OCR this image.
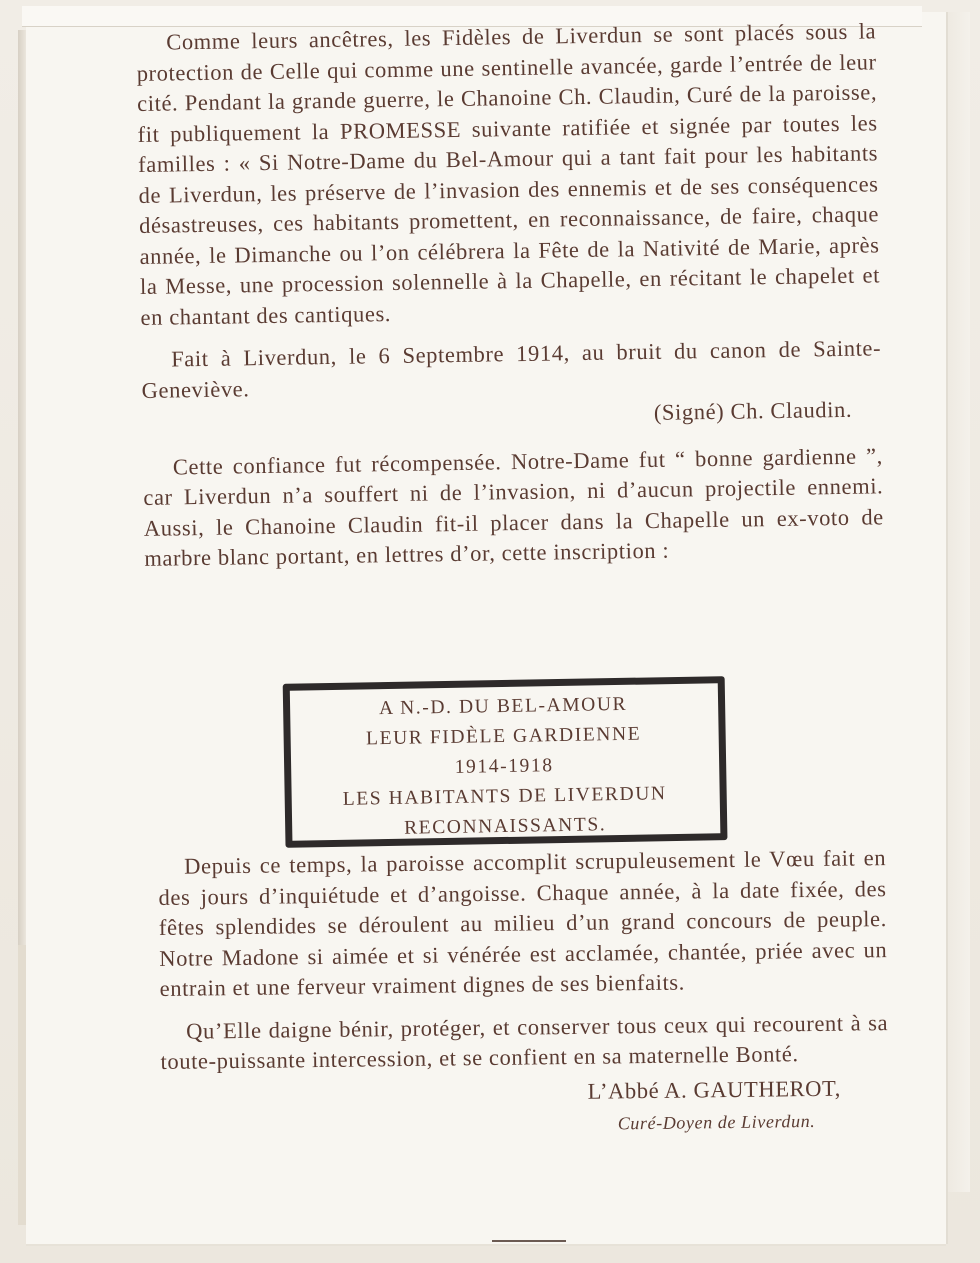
Comme leurs ancêtres, les Fidèles de Liverdun se sont placés sous la protection de Celle qui comme une sentinelle avancée, garde l’entrée de leur cité. Pendant la grande guerre, le Chanoine Ch. Claudin, Curé de la paroisse, fit publiquement la PROMESSE suivante ratifiée et signée par toutes les familles : « Si Notre-Dame du Bel-Amour qui a tant fait pour les habitants de Liverdun, les préserve de l’invasion des ennemis et de ses conséquences désastreuses, ces habitants promettent, en reconnaissance, de faire, chaque année, le Dimanche ou l’on célébrera la Fête de la Nativité de Marie, après la Messe, une procession solennelle à la Chapelle, en récitant le chapelet et en chantant des cantiques.

Fait à Liverdun, le 6 Septembre 1914, au bruit du canon de Sainte-Geneviève.

(Signé) Ch. Claudin.

Cette confiance fut récompensée. Notre-Dame fut “ bonne gardienne ”, car Liverdun n’a souffert ni de l’invasion, ni d’aucun projectile ennemi. Aussi, le Chanoine Claudin fit-il placer dans la Chapelle un ex-voto de marbre blanc portant, en lettres d’or, cette inscription :

A N.-D. DU BEL-AMOUR
LEUR FIDÈLE GARDIENNE
1914-1918
LES HABITANTS DE LIVERDUN
RECONNAISSANTS.

Depuis ce temps, la paroisse accomplit scrupuleusement le Vœu fait en des jours d’inquiétude et d’angoisse. Chaque année, à la date fixée, des fêtes splendides se déroulent au milieu d’un grand concours de peuple. Notre Madone si aimée et si vénérée est acclamée, chantée, priée avec un entrain et une ferveur vraiment dignes de ses bienfaits.

Qu’Elle daigne bénir, protéger, et conserver tous ceux qui recourent à sa toute-puissante intercession, et se confient en sa maternelle Bonté.

L’Abbé A. GAUTHEROT,

Curé-Doyen de Liverdun.
